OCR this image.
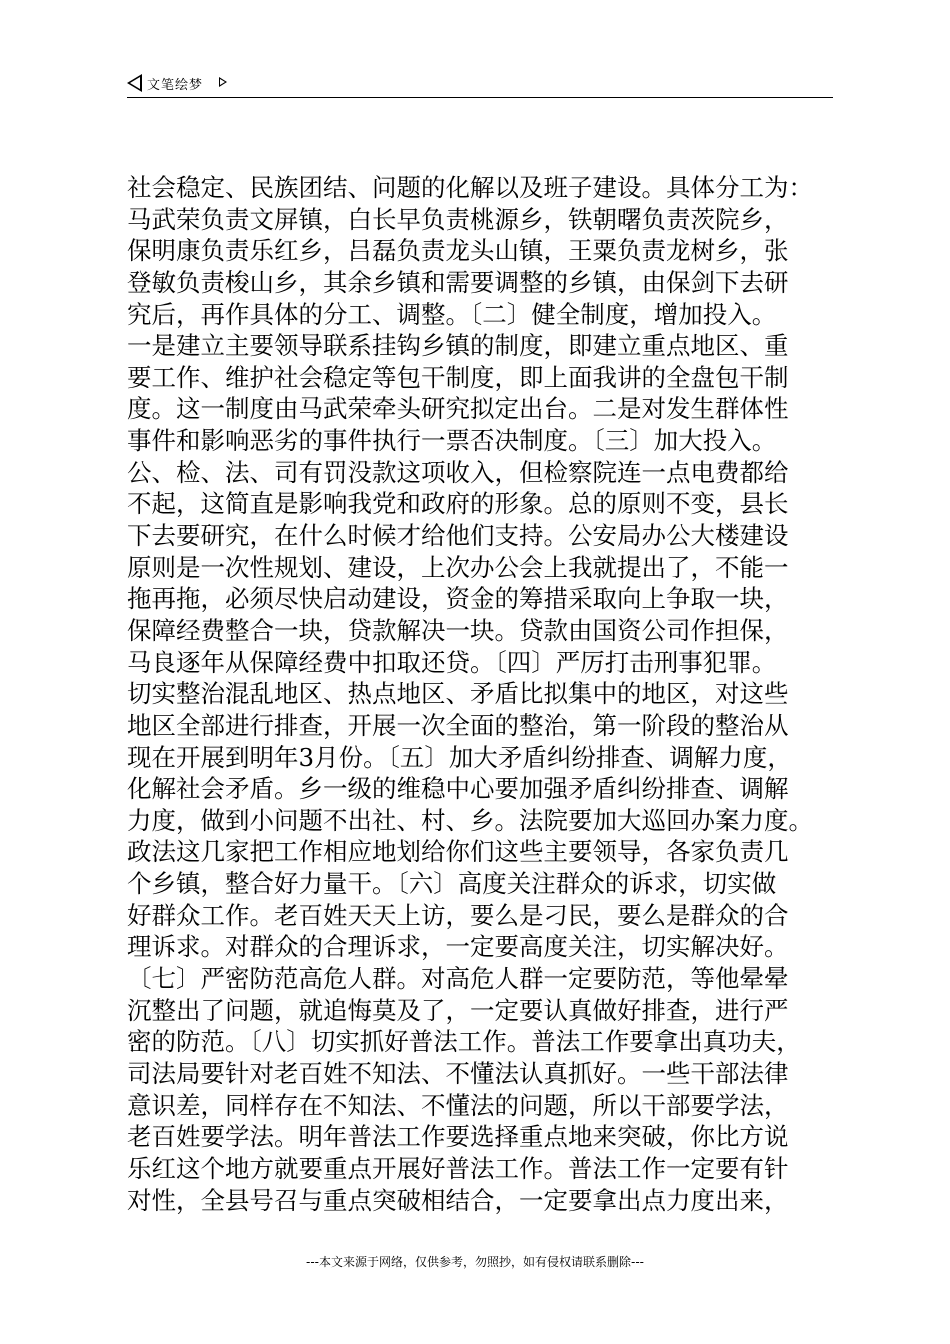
文笔绘梦
社会稳定、民族团结、问题的化解以及班子建设。具体分工为：
马武荣负责文屏镇，白长早负责桃源乡，铁朝曙负责茨院乡，
保明康负责乐红乡，吕磊负责龙头山镇，王粟负责龙树乡，张
登敏负责梭山乡，其余乡镇和需要调整的乡镇，由保剑下去研
究后，再作具体的分工、调整。〔二〕健全制度，增加投入。
一是建立主要领导联系挂钩乡镇的制度，即建立重点地区、重
要工作、维护社会稳定等包干制度，即上面我讲的全盘包干制
度。这一制度由马武荣牵头研究拟定出台。二是对发生群体性
事件和影响恶劣的事件执行一票否决制度。〔三〕加大投入。
公、检、法、司有罚没款这项收入，但检察院连一点电费都给
不起，这简直是影响我党和政府的形象。总的原则不变，县长
下去要研究，在什么时候才给他们支持。公安局办公大楼建设
原则是一次性规划、建设，上次办公会上我就提出了，不能一
拖再拖，必须尽快启动建设，资金的筹措采取向上争取一块，
保障经费整合一块，贷款解决一块。贷款由国资公司作担保，
马良逐年从保障经费中扣取还贷。〔四〕严厉打击刑事犯罪。
切实整治混乱地区、热点地区、矛盾比拟集中的地区，对这些
地区全部进行排查，开展一次全面的整治，第一阶段的整治从
现在开展到明年3月份。〔五〕加大矛盾纠纷排查、调解力度，
化解社会矛盾。乡一级的维稳中心要加强矛盾纠纷排查、调解
力度，做到小问题不出社、村、乡。法院要加大巡回办案力度。
政法这几家把工作相应地划给你们这些主要领导，各家负责几
个乡镇，整合好力量干。〔六〕高度关注群众的诉求，切实做
好群众工作。老百姓天天上访，要么是刁民，要么是群众的合
理诉求。对群众的合理诉求，一定要高度关注，切实解决好。
〔七〕严密防范高危人群。对高危人群一定要防范，等他晕晕
沉整出了问题，就追悔莫及了，一定要认真做好排查，进行严
密的防范。〔八〕切实抓好普法工作。普法工作要拿出真功夫，
司法局要针对老百姓不知法、不懂法认真抓好。一些干部法律
意识差，同样存在不知法、不懂法的问题，所以干部要学法，
老百姓要学法。明年普法工作要选择重点地来突破，你比方说
乐红这个地方就要重点开展好普法工作。普法工作一定要有针
对性，全县号召与重点突破相结合，一定要拿出点力度出来，
---本文来源于网络，仅供参考，勿照抄，如有侵权请联系删除---
